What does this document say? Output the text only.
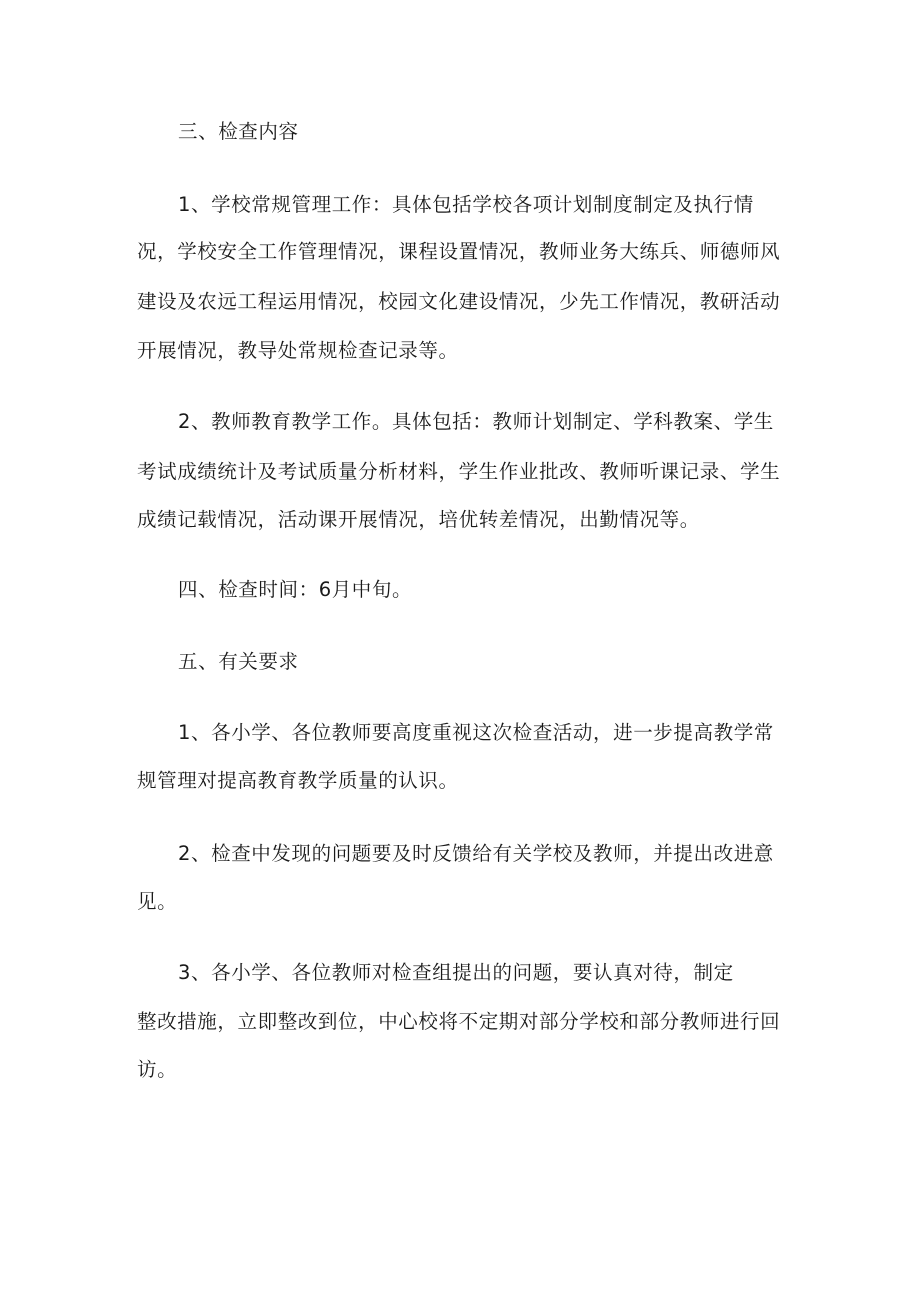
三、检查内容
1、学校常规管理工作：具体包括学校各项计划制度制定及执行情
况，学校安全工作管理情况，课程设置情况，教师业务大练兵、师德师风
建设及农远工程运用情况，校园文化建设情况，少先工作情况，教研活动
开展情况，教导处常规检查记录等。
2、教师教育教学工作。具体包括：教师计划制定、学科教案、学生
考试成绩统计及考试质量分析材料，学生作业批改、教师听课记录、学生
成绩记载情况，活动课开展情况，培优转差情况，出勤情况等。
四、检查时间：6月中旬。
五、有关要求
1、各小学、各位教师要高度重视这次检查活动，进一步提高教学常
规管理对提高教育教学质量的认识。
2、检查中发现的问题要及时反馈给有关学校及教师，并提出改进意
见。
3、各小学、各位教师对检查组提出的问题，要认真对待，制定
整改措施，立即整改到位，中心校将不定期对部分学校和部分教师进行回
访。
